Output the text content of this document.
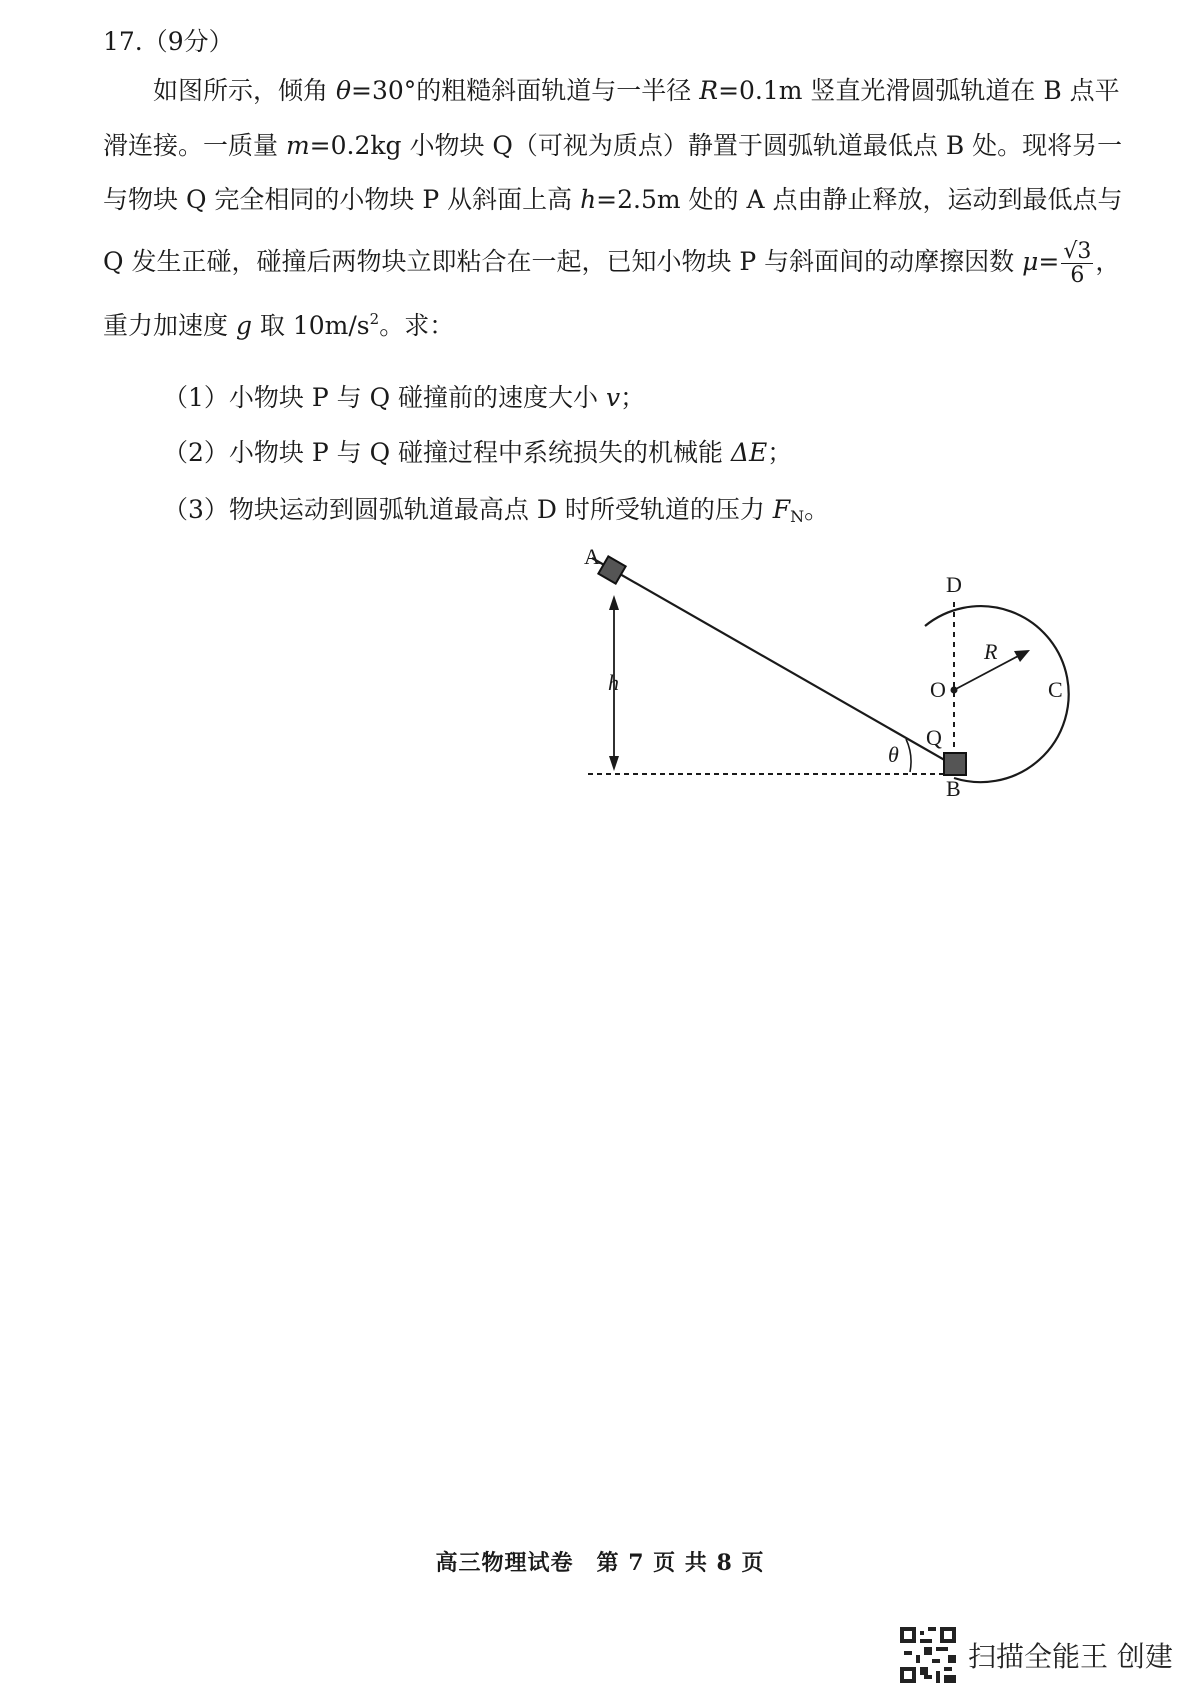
17.（9分）
如图所示，倾角 θ=30°的粗糙斜面轨道与一半径 R=0.1m 竖直光滑圆弧轨道在 B 点平
滑连接。一质量 m=0.2kg 小物块 Q（可视为质点）静置于圆弧轨道最低点 B 处。现将另一
与物块 Q 完全相同的小物块 P 从斜面上高 h=2.5m 处的 A 点由静止释放，运动到最低点与
Q 发生正碰，碰撞后两物块立即粘合在一起，已知小物块 P 与斜面间的动摩擦因数 $\mu= \frac{√3}{6}$ ，
重力加速度 g 取 $10m/s^2$。求：
（1）小物块 P 与 Q 碰撞前的速度大小 v；
（2）小物块 P 与 Q 碰撞过程中系统损失的机械能 ΔE；
（3）物块运动到圆弧轨道最高点 D 时所受轨道的压力 $F_N$。
A
h
θ
Q
B
O
R
C
D
高三物理试卷　第 7 页 共 8 页
扫描全能王 创建
